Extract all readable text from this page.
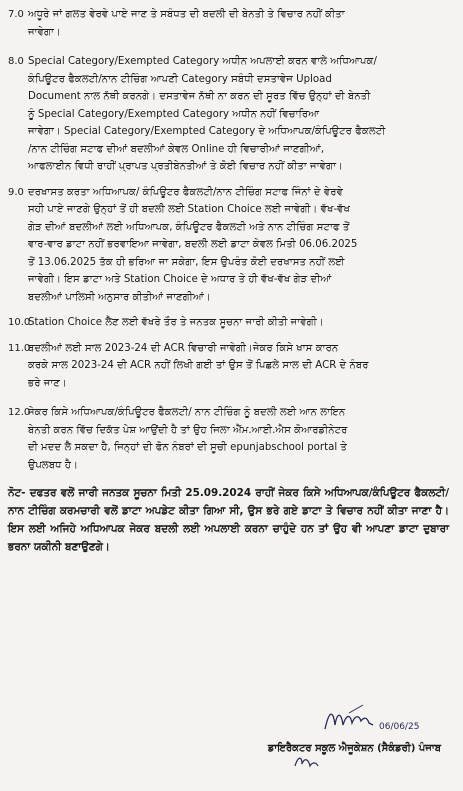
7.0 ਅਧੂਰੇ ਜਾਂ ਗਲਤ ਵੇਰਵੇ ਪਾਏ ਜਾਣ ਤੇ ਸਬੰਧਤ ਦੀ ਬਦਲੀ ਦੀ ਬੇਨਤੀ ਤੇ ਵਿਚਾਰ ਨਹੀਂ ਕੀਤਾ
ਜਾਵੇਗਾ।

8.0 Special Category/Exempted Category ਅਧੀਨ ਅਪਲਾਈ ਕਰਨ ਵਾਲੇ ਅਧਿਆਪਕ/
ਕੰਪਿਊਟਰ ਫੈਕਲਟੀ/ਨਾਨ ਟੀਚਿੰਗ ਆਪਣੀ Category ਸਬੰਧੀ ਦਸਤਾਵੇਜ Upload
Document ਨਾਲ ਨੱਥੀ ਕਰਨਗੇ। ਦਸਤਾਵੇਜ ਨੱਥੀ ਨਾ ਕਰਨ ਦੀ ਸੂਰਤ ਵਿੱਚ ਉਨ੍ਹਾਂ ਦੀ ਬੇਨਤੀ
ਨੂੰ Special Category/Exempted Category ਅਧੀਨ ਨਹੀਂ ਵਿਚਾਰਿਆ
ਜਾਵੇਗਾ। Special Category/Exempted Category ਦੇ ਅਧਿਆਪਕ/ਕੰਪਿਊਟਰ ਫੈਕਲਟੀ
/ਨਾਨ ਟੀਚਿੰਗ ਸਟਾਫ ਦੀਆਂ ਬਦਲੀਆਂ ਕੇਵਲ Online ਹੀ ਵਿਚਾਰੀਆਂ ਜਾਣਗੀਆਂ,
ਆਫਲਾਈਨ ਵਿਧੀ ਰਾਹੀਂ ਪ੍ਰਾਪਤ ਪ੍ਰਤੀਬੇਨਤੀਆਂ ਤੇ ਕੋਈ ਵਿਚਾਰ ਨਹੀਂ ਕੀਤਾ ਜਾਵੇਗਾ।

9.0 ਦਰਖਾਸਤ ਕਰਤਾ ਅਧਿਆਪਕ/ ਕੰਪਿਊਟਰ ਫੈਕਲਟੀ/ਨਾਨ ਟੀਚਿੰਗ ਸਟਾਫ ਜਿੰਨਾਂ ਦੇ ਵੇਰਵੇ
ਸਹੀ ਪਾਏ ਜਾਣਗੇ ਉਨ੍ਹਾਂ ਤੋਂ ਹੀ ਬਦਲੀ ਲਈ Station Choice ਲਈ ਜਾਵੇਗੀ। ਵੱਖ-ਵੱਖ
ਗੇੜ ਦੀਆਂ ਬਦਲੀਆਂ ਲਈ ਅਧਿਆਪਕ, ਕੰਪਿਊਟਰ ਫੈਕਲਟੀ ਅਤੇ ਨਾਨ ਟੀਚਿੰਗ ਸਟਾਫ ਤੋਂ
ਵਾਰ-ਵਾਰ ਡਾਟਾ ਨਹੀਂ ਭਰਵਾਇਆ ਜਾਵੇਗਾ, ਬਦਲੀ ਲਈ ਡਾਟਾ ਕੇਵਲ ਮਿਤੀ 06.06.2025
ਤੋਂ 13.06.2025 ਤੱਕ ਹੀ ਭਰਿਆ ਜਾ ਸਕੇਗਾ, ਇਸ ਉਪਰੰਤ ਕੋਈ ਦਰਖਾਸਤ ਨਹੀਂ ਲਈ
ਜਾਵੇਗੀ। ਇਸ ਡਾਟਾ ਅਤੇ Station Choice ਦੇ ਅਧਾਰ ਤੇ ਹੀ ਵੱਖ-ਵੱਖ ਗੇੜ ਦੀਆਂ
ਬਦਲੀਆਂ ਪਾਲਿਸੀ ਅਨੁਸਾਰ ਕੀਤੀਆਂ ਜਾਣਗੀਆਂ।

10.0

Station Choice ਲੈਣ ਲਈ ਵੱਖਰੇ ਤੌਰ ਤੇ ਜਨਤਕ ਸੂਚਨਾ ਜਾਰੀ ਕੀਤੀ ਜਾਵੇਗੀ।

11.0

ਬਦਲੀਆਂ ਲਈ ਸਾਲ 2023-24 ਦੀ ACR ਵਿਚਾਰੀ ਜਾਵੇਗੀ।ਜੇਕਰ ਕਿਸੇ ਖਾਸ ਕਾਰਨ
ਕਰਕੇ ਸਾਲ 2023-24 ਦੀ ACR ਨਹੀਂ ਲਿਖੀ ਗਈ ਤਾਂ ਉਸ ਤੋਂ ਪਿਛਲੇ ਸਾਲ ਦੀ ACR ਦੇ ਨੰਬਰ
ਭਰੇ ਜਾਣ।

12.0

ਜੇਕਰ ਕਿਸੇ ਅਧਿਆਪਕ/ਕੰਪਿਊਟਰ ਫੈਕਲਟੀ/ ਨਾਨ ਟੀਚਿੰਗ ਨੂੰ ਬਦਲੀ ਲਈ ਆਨ ਲਾਇਨ
ਬੇਨਤੀ ਕਰਨ ਵਿੱਚ ਦਿਕੱਤ ਪੇਸ਼ ਆਉਂਦੀ ਹੈ ਤਾਂ ਉਹ ਜਿਲਾ ਐੱਮ.ਆਈ.ਐਸ ਕੋਆਰਡੀਨੇਟਰ
ਦੀ ਮਦਦ ਲੈ ਸਕਦਾ ਹੈ, ਜਿਨ੍ਹਾਂ ਦੀ ਫੋਨ ਨੰਬਰਾਂ ਦੀ ਸੂਚੀ epunjabschool portal ਤੇ
ਉਪਲਬਧ ਹੈ।

ਨੋਟ- ਦਫਤਰ ਵਲੋਂ ਜਾਰੀ ਜਨਤਕ ਸੂਚਨਾ ਮਿਤੀ 25.09.2024 ਰਾਹੀਂ ਜੇਕਰ ਕਿਸੇ ਅਧਿਆਪਕ/ਕੰਪਿਊਟਰ ਫੈਕਲਟੀ/ਨਾਨ ਟੀਚਿੰਗ ਕਰਮਚਾਰੀ ਵਲੋਂ ਡਾਟਾ ਅਪਡੇਟ ਕੀਤਾ ਗਿਆ ਸੀ, ਉਸ ਭਰੇ ਗਏ ਡਾਟਾ ਤੇ ਵਿਚਾਰ ਨਹੀਂ ਕੀਤਾ ਜਾਣਾ ਹੈ। ਇਸ ਲਈ ਅਜਿਹੇ ਅਧਿਆਪਕ ਜੇਕਰ ਬਦਲੀ ਲਈ ਅਪਲਾਈ ਕਰਨਾ ਚਾਹੁੰਦੇ ਹਨ ਤਾਂ ਉਹ ਵੀ ਆਪਣਾ ਡਾਟਾ ਦੁਬਾਰਾ ਭਰਨਾ ਯਕੀਨੀ ਬਣਾਉਣਗੇ।

06/06/25
ਡਾਇਰੈਕਟਰ ਸਕੂਲ ਐਜੂਕੇਸ਼ਨ (ਸੈਕੰਡਰੀ) ਪੰਜਾਬ
